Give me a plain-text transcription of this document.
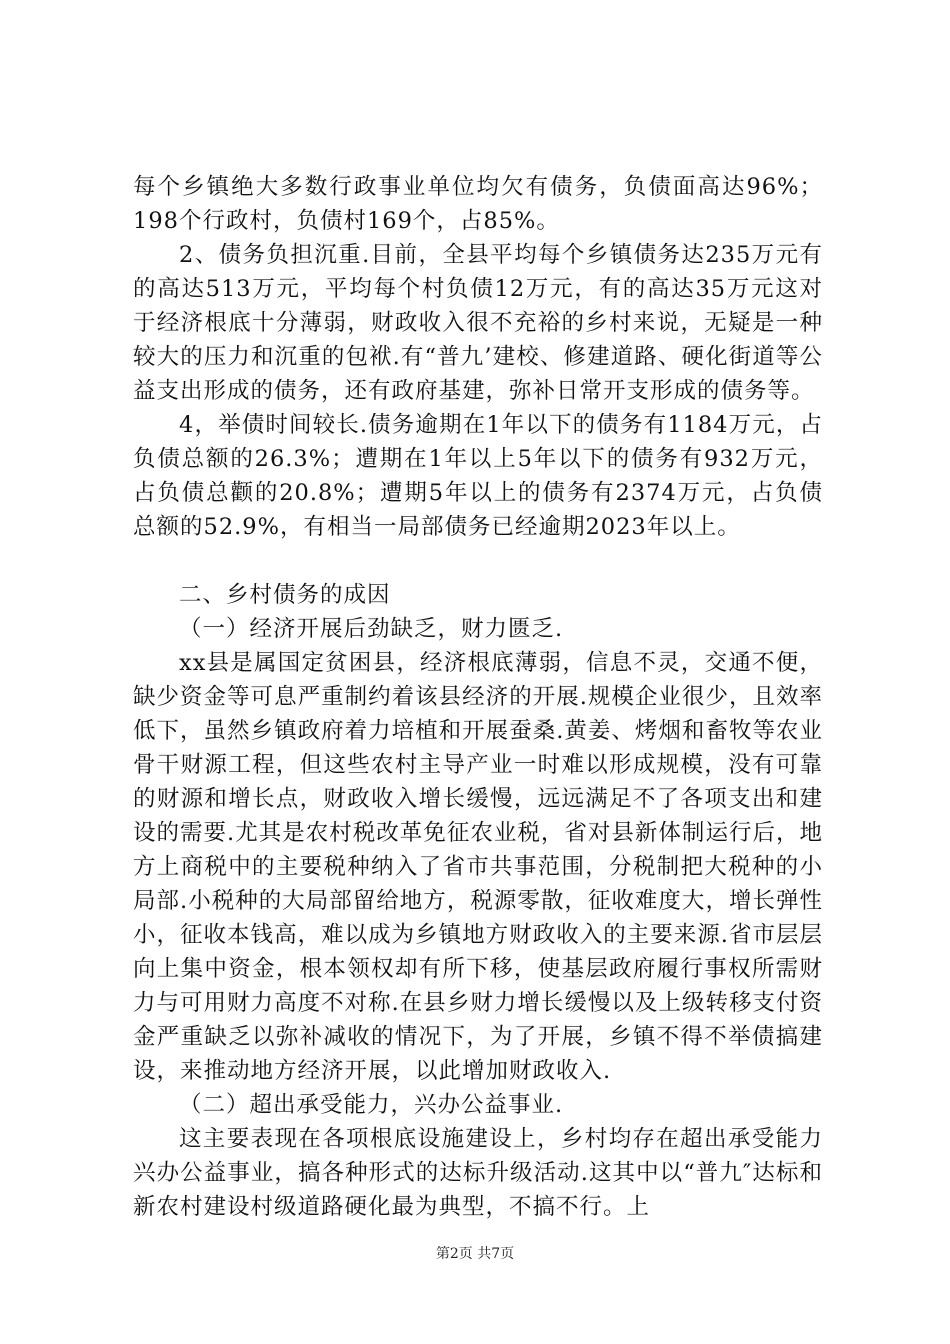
每个乡镇绝大多数行政事业单位均欠有债务，负债面高达96%；198个行政村，负债村169个，占85%。

2、债务负担沉重.目前，全县平均每个乡镇债务达235万元有的高达513万元，平均每个村负债12万元，有的高达35万元这对于经济根底十分薄弱，财政收入很不充裕的乡村来说，无疑是一种较大的压力和沉重的包袱.有“普九’建校、修建道路、硬化街道等公益支出形成的债务，还有政府基建，弥补日常开支形成的债务等。

4，举债时间较长.债务逾期在1年以下的债务有1184万元，占负债总额的26.3%；遭期在1年以上5年以下的债务有932万元，占负债总颧的20.8%；遭期5年以上的债务有2374万元，占负债总额的52.9%，有相当一局部债务已经逾期2023年以上。

二、乡村债务的成因

（一）经济开展后劲缺乏，财力匮乏.

xx县是属国定贫困县，经济根底薄弱，信息不灵，交通不便，缺少资金等可息严重制约着该县经济的开展.规模企业很少，且效率低下，虽然乡镇政府着力培植和开展蚕桑.黄姜、烤烟和畜牧等农业骨干财源工程，但这些农村主导产业一时难以形成规模，没有可靠的财源和增长点，财政收入增长缓慢，远远满足不了各项支出和建设的需要.尤其是农村税改革免征农业税，省对县新体制运行后，地方上商税中的主要税种纳入了省市共事范围，分税制把大税种的小局部.小税种的大局部留给地方，税源零散，征收难度大，增长弹性小，征收本钱高，难以成为乡镇地方财政收入的主要来源.省市层层向上集中资金，根本领权却有所下移，使基层政府履行事权所需财力与可用财力高度不对称.在县乡财力增长缓慢以及上级转移支付资金严重缺乏以弥补减收的情况下，为了开展，乡镇不得不举债搞建设，来推动地方经济开展，以此增加财政收入.

（二）超出承受能力，兴办公益事业.

这主要表现在各项根底设施建设上，乡村均存在超出承受能力兴办公益事业，搞各种形式的达标升级活动.这其中以“普九″达标和新农村建设村级道路硬化最为典型，不搞不行。上

第2页 共7页
